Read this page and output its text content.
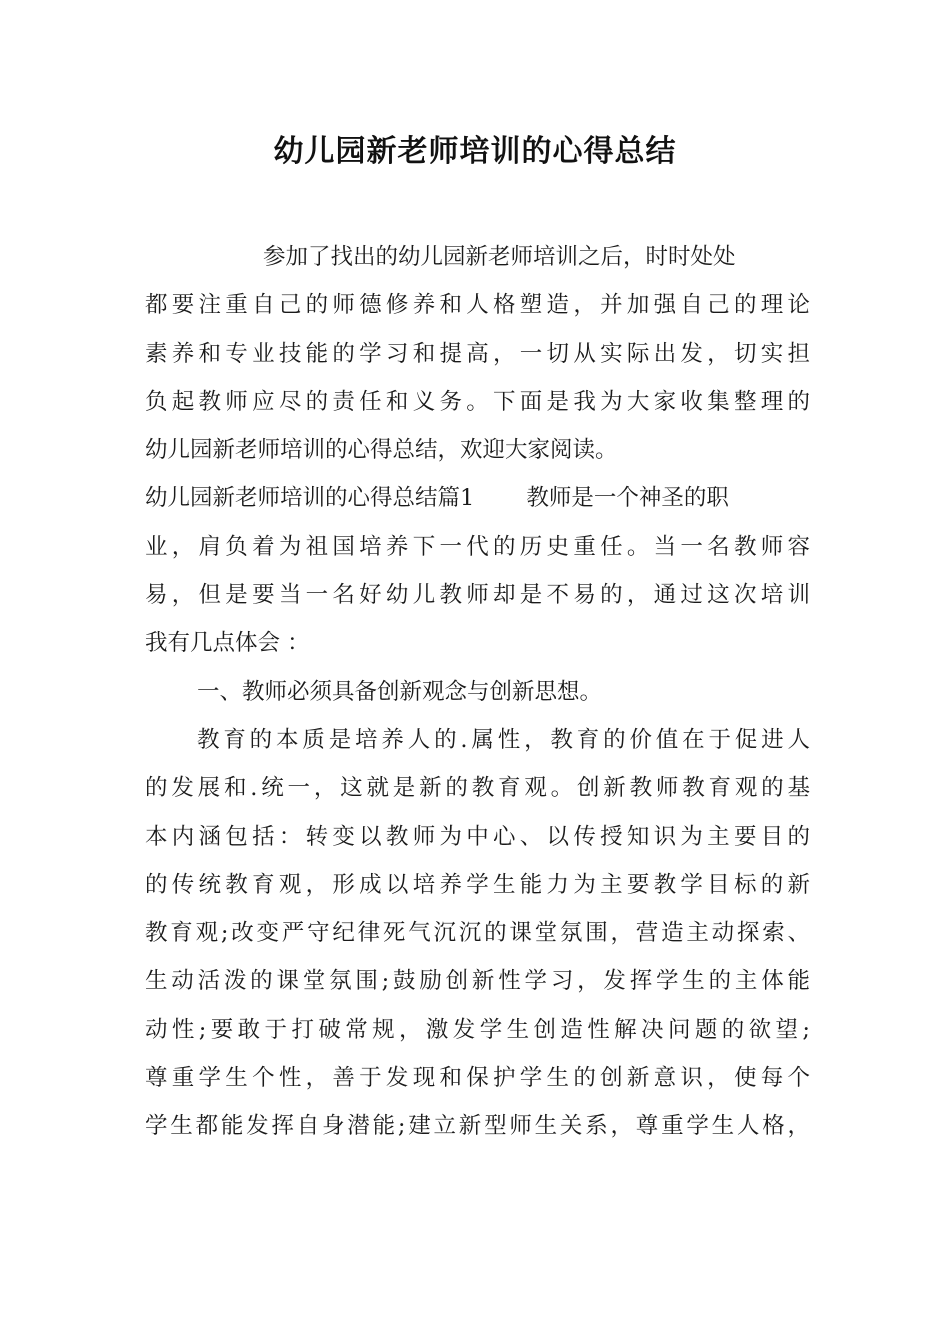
幼儿园新老师培训的心得总结
参加了找出的幼儿园新老师培训之后，时时处处
都要注重自己的师德修养和人格塑造，并加强自己的理论
素养和专业技能的学习和提高，一切从实际出发，切实担
负起教师应尽的责任和义务。下面是我为大家收集整理的
幼儿园新老师培训的心得总结，欢迎大家阅读。
幼儿园新老师培训的心得总结篇1 教师是一个神圣的职
业，肩负着为祖国培养下一代的历史重任。当一名教师容
易，但是要当一名好幼儿教师却是不易的，通过这次培训
我有几点体会 ：
一、教师必须具备创新观念与创新思想。
教育的本质是培养人的.属性，教育的价值在于促进人
的发展和.统一，这就是新的教育观。创新教师教育观的基
本内涵包括：转变以教师为中心、以传授知识为主要目的
的传统教育观，形成以培养学生能力为主要教学目标的新
教育观;改变严守纪律死气沉沉的课堂氛围，营造主动探索、
生动活泼的课堂氛围;鼓励创新性学习，发挥学生的主体能
动性;要敢于打破常规，激发学生创造性解决问题的欲望;
尊重学生个性，善于发现和保护学生的创新意识，使每个
学生都能发挥自身潜能;建立新型师生关系，尊重学生人格，
